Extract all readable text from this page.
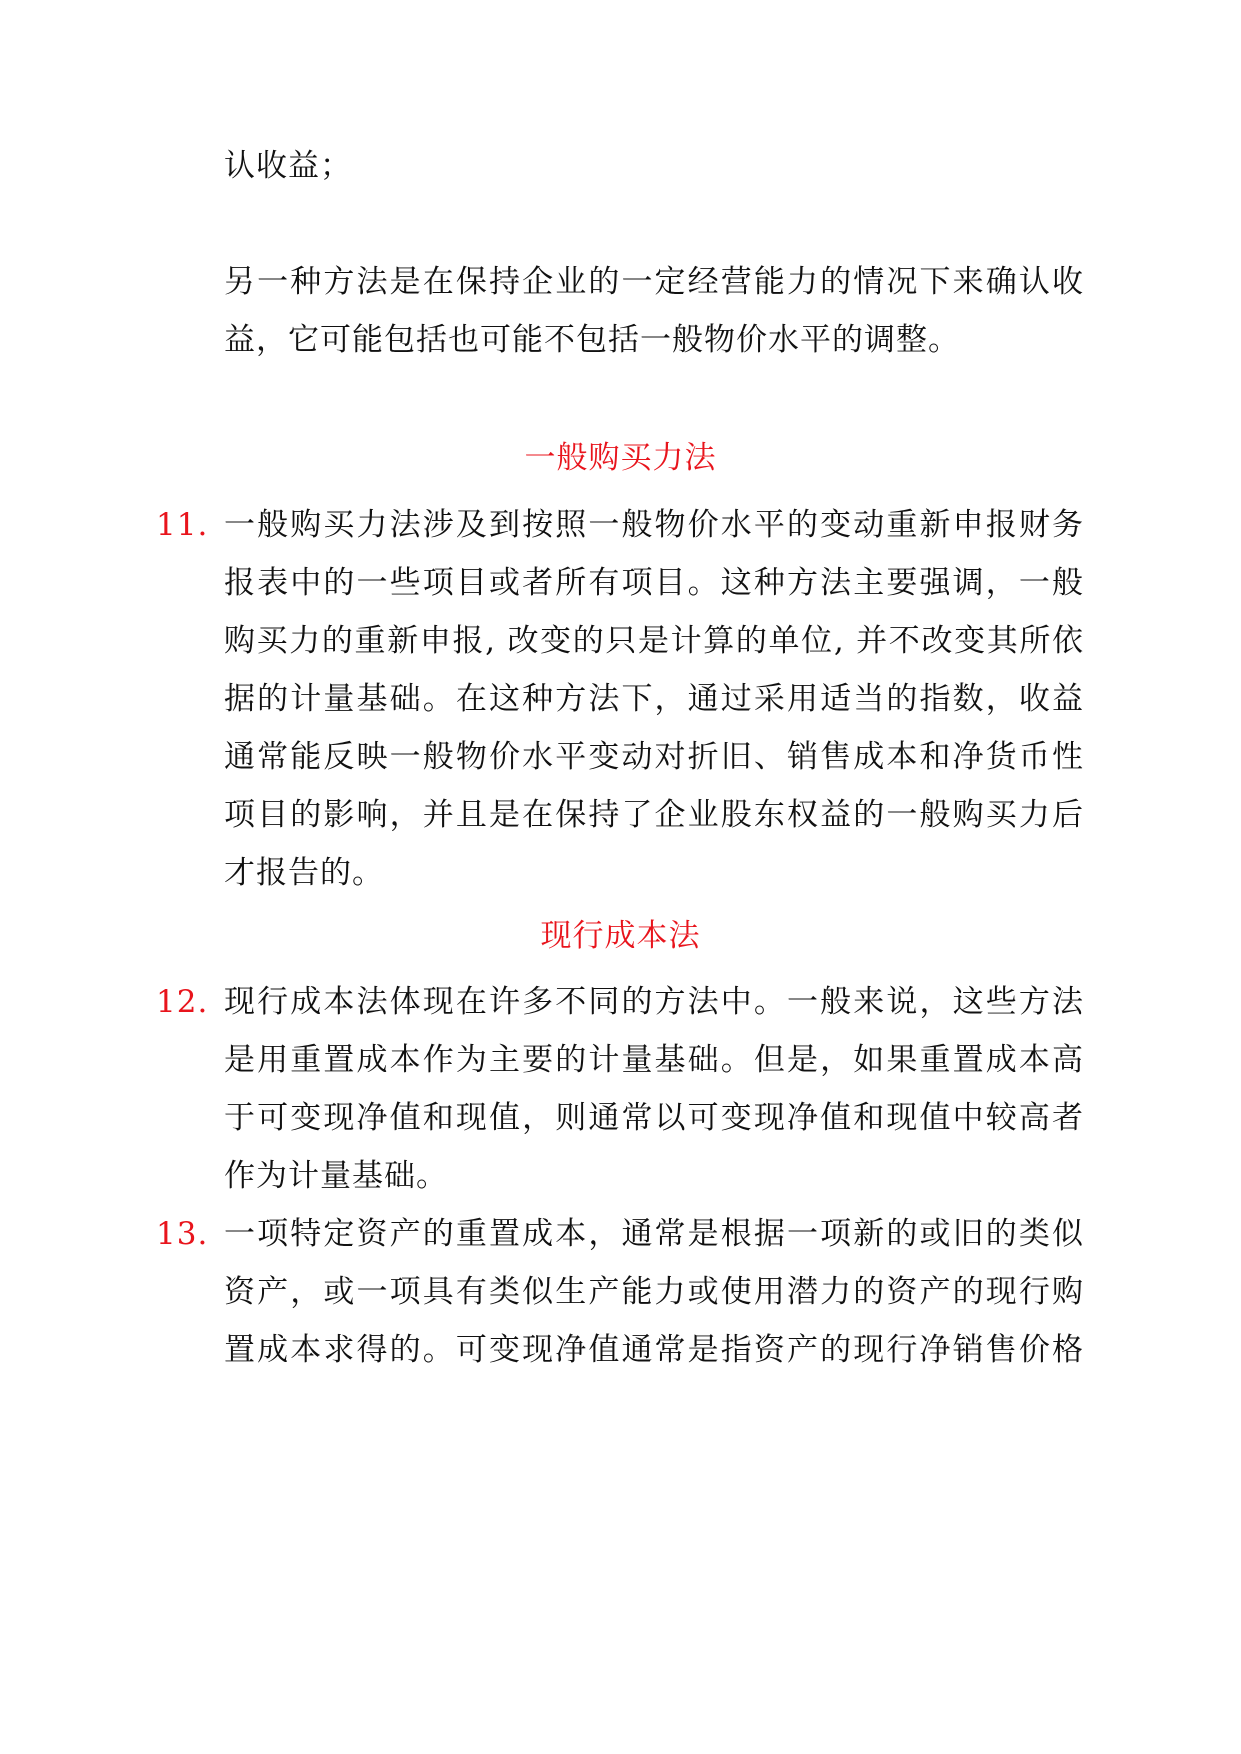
认收益；
另一种方法是在保持企业的一定经营能力的情况下来确认收
益，它可能包括也可能不包括一般物价水平的调整。
一般购买力法
11. 一般购买力法涉及到按照一般物价水平的变动重新申报财务
报表中的一些项目或者所有项目。这种方法主要强调，一般
购买力的重新申报, 改变的只是计算的单位, 并不改变其所依
据的计量基础。在这种方法下，通过采用适当的指数，收益
通常能反映一般物价水平变动对折旧、销售成本和净货币性
项目的影响，并且是在保持了企业股东权益的一般购买力后
才报告的。
现行成本法
12. 现行成本法体现在许多不同的方法中。一般来说，这些方法
是用重置成本作为主要的计量基础。但是，如果重置成本高
于可变现净值和现值，则通常以可变现净值和现值中较高者
作为计量基础。
13. 一项特定资产的重置成本，通常是根据一项新的或旧的类似
资产，或一项具有类似生产能力或使用潜力的资产的现行购
置成本求得的。可变现净值通常是指资产的现行净销售价格
